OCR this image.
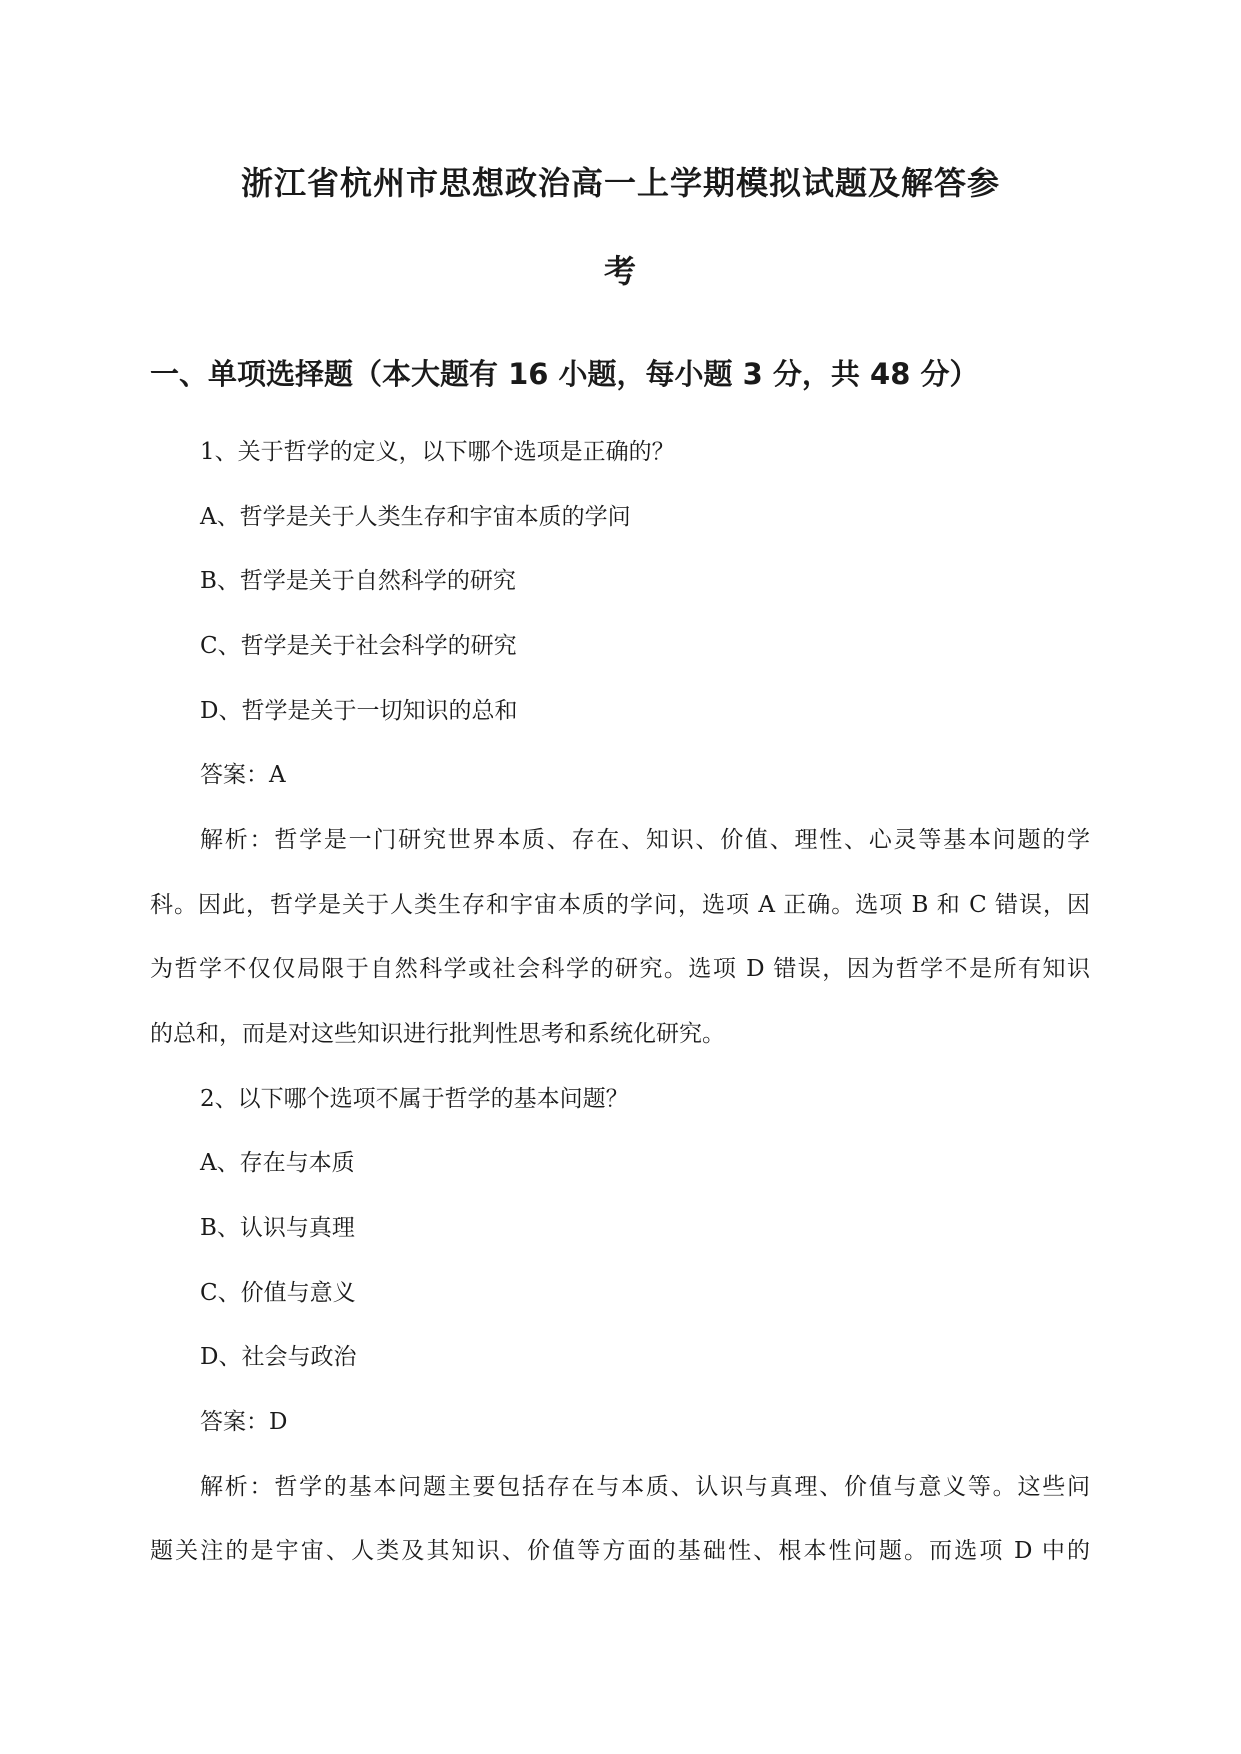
浙江省杭州市思想政治高一上学期模拟试题及解答参
考
一、单项选择题（本大题有 16 小题，每小题 3 分，共 48 分）

1、关于哲学的定义，以下哪个选项是正确的？

A、哲学是关于人类生存和宇宙本质的学问

B、哲学是关于自然科学的研究

C、哲学是关于社会科学的研究

D、哲学是关于一切知识的总和

答案：A

解析：哲学是一门研究世界本质、存在、知识、价值、理性、心灵等基本问题的学

科。因此，哲学是关于人类生存和宇宙本质的学问，选项 A 正确。选项 B 和 C 错误，因

为哲学不仅仅局限于自然科学或社会科学的研究。选项 D 错误，因为哲学不是所有知识

的总和，而是对这些知识进行批判性思考和系统化研究。

2、以下哪个选项不属于哲学的基本问题？

A、存在与本质

B、认识与真理

C、价值与意义

D、社会与政治

答案：D

解析：哲学的基本问题主要包括存在与本质、认识与真理、价值与意义等。这些问

题关注的是宇宙、人类及其知识、价值等方面的基础性、根本性问题。而选项 D 中的
